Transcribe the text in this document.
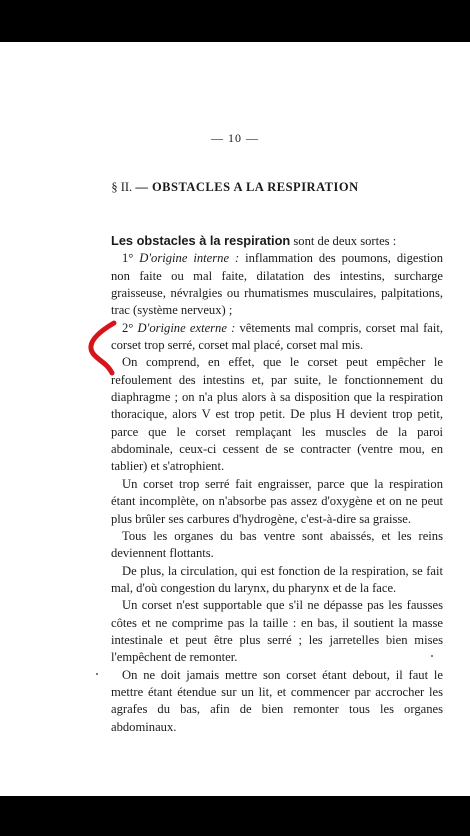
— 10 —
§ II. — OBSTACLES A LA RESPIRATION

Les obstacles à la respiration sont de deux sortes :

1° D'origine interne : inflammation des poumons, digestion non faite ou mal faite, dilatation des intestins, surcharge graisseuse, névralgies ou rhumatismes musculaires, palpitations, trac (système nerveux) ;

2° D'origine externe : vêtements mal compris, corset mal fait, corset trop serré, corset mal placé, corset mal mis.

On comprend, en effet, que le corset peut empêcher le refoulement des intestins et, par suite, le fonctionnement du diaphragme ; on n'a plus alors à sa disposition que la respiration thoracique, alors V est trop petit. De plus H devient trop petit, parce que le corset remplaçant les muscles de la paroi abdominale, ceux-ci cessent de se contracter (ventre mou, en tablier) et s'atrophient.

Un corset trop serré fait engraisser, parce que la respiration étant incomplète, on n'absorbe pas assez d'oxygène et on ne peut plus brûler ses carbures d'hydrogène, c'est-à-dire sa graisse.

Tous les organes du bas ventre sont abaissés, et les reins deviennent flottants.

De plus, la circulation, qui est fonction de la respiration, se fait mal, d'où congestion du larynx, du pharynx et de la face.

Un corset n'est supportable que s'il ne dépasse pas les fausses côtes et ne comprime pas la taille : en bas, il soutient la masse intestinale et peut être plus serré ; les jarretelles bien mises l'empêchent de remonter.

On ne doit jamais mettre son corset étant debout, il faut le mettre étant étendue sur un lit, et commencer par accrocher les agrafes du bas, afin de bien remonter tous les organes abdominaux.
